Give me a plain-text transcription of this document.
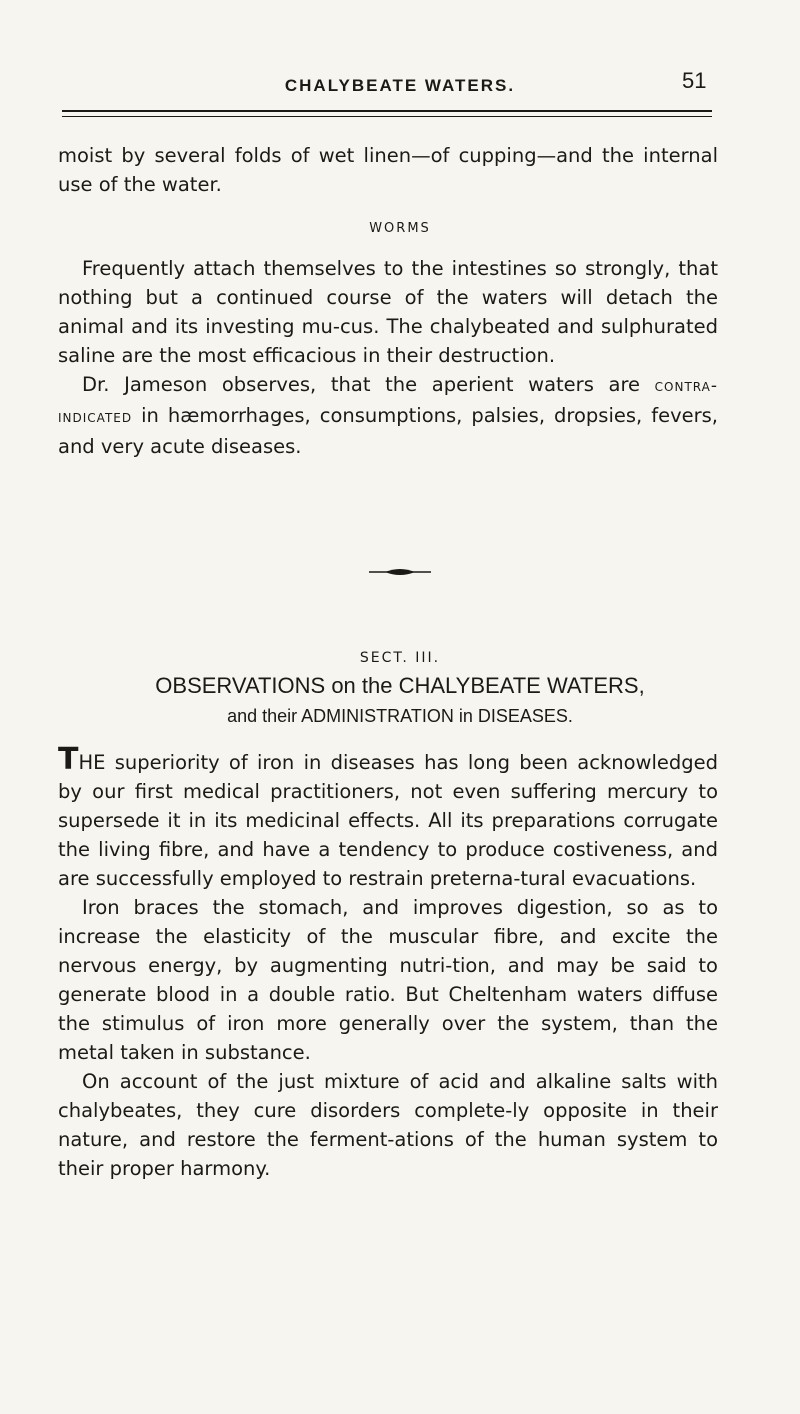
CHALYBEATE WATERS.	51

moist by several folds of wet linen—of cupping—and the internal use of the water.

WORMS

Frequently attach themselves to the intestines so strongly, that nothing but a continued course of the waters will detach the animal and its investing mu-cus. The chalybeated and sulphurated saline are the most efficacious in their destruction.

Dr. Jameson observes, that the aperient waters are contra-indicated in hæmorrhages, consumptions, palsies, dropsies, fevers, and very acute diseases.

SECT. III.
OBSERVATIONS on the CHALYBEATE WATERS,
and their ADMINISTRATION in DISEASES.

THE superiority of iron in diseases has long been acknowledged by our first medical practitioners, not even suffering mercury to supersede it in its medicinal effects. All its preparations corrugate the living fibre, and have a tendency to produce costiveness, and are successfully employed to restrain preterna-tural evacuations.

Iron braces the stomach, and improves digestion, so as to increase the elasticity of the muscular fibre, and excite the nervous energy, by augmenting nutri-tion, and may be said to generate blood in a double ratio. But Cheltenham waters diffuse the stimulus of iron more generally over the system, than the metal taken in substance.

On account of the just mixture of acid and alkaline salts with chalybeates, they cure disorders complete-ly opposite in their nature, and restore the ferment-ations of the human system to their proper harmony.
